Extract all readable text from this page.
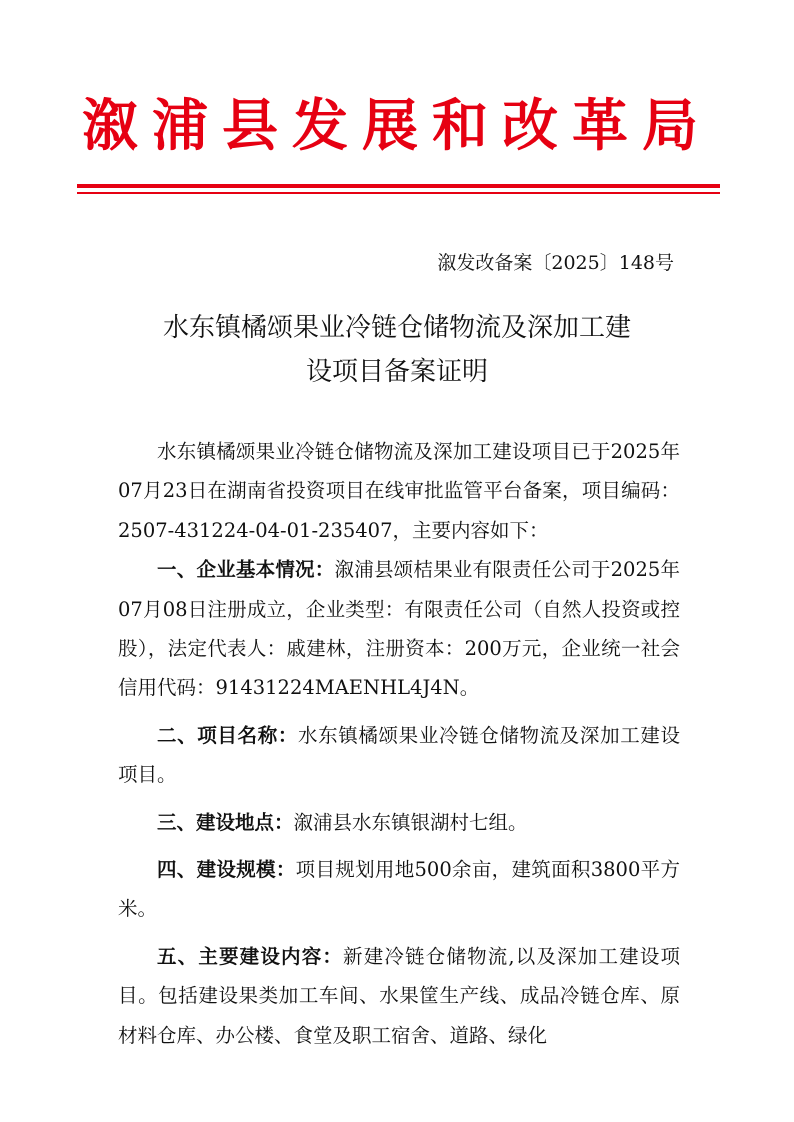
溆浦县发展和改革局
溆发改备案〔2025〕148号
水东镇橘颂果业冷链仓储物流及深加工建
设项目备案证明

水东镇橘颂果业冷链仓储物流及深加工建设项目已于2025年07月23日在湖南省投资项目在线审批监管平台备案，项目编码：2507-431224-04-01-235407，主要内容如下：

一、企业基本情况：溆浦县颂桔果业有限责任公司于2025年07月08日注册成立，企业类型：有限责任公司（自然人投资或控股），法定代表人：戚建林，注册资本：200万元，企业统一社会信用代码：91431224MAENHL4J4N。

二、项目名称：水东镇橘颂果业冷链仓储物流及深加工建设项目。

三、建设地点：溆浦县水东镇银湖村七组。

四、建设规模：项目规划用地500余亩，建筑面积3800平方米。

五、主要建设内容：新建冷链仓储物流,以及深加工建设项目。包括建设果类加工车间、水果筐生产线、成品冷链仓库、原材料仓库、办公楼、食堂及职工宿舍、道路、绿化
